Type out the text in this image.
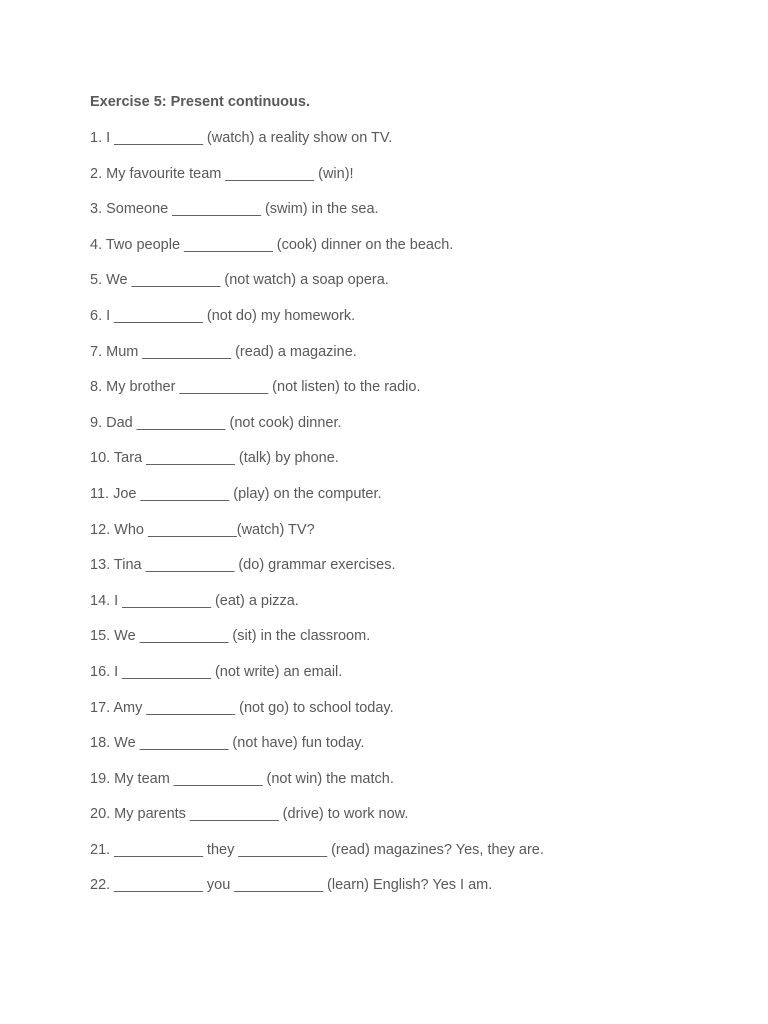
Exercise 5: Present continuous.
1. I ___________ (watch) a reality show on TV.
2. My favourite team ___________ (win)!
3. Someone ___________ (swim) in the sea.
4. Two people ___________ (cook) dinner on the beach.
5. We ___________ (not watch) a soap opera.
6. I ___________ (not do) my homework.
7. Mum ___________ (read) a magazine.
8. My brother ___________ (not listen) to the radio.
9. Dad ___________ (not cook) dinner.
10. Tara ___________ (talk) by phone.
11. Joe ___________ (play) on the computer.
12. Who ___________(watch) TV?
13. Tina ___________ (do) grammar exercises.
14. I ___________ (eat) a pizza.
15. We ___________ (sit) in the classroom.
16. I ___________ (not write) an email.
17. Amy ___________ (not go) to school today.
18. We ___________ (not have) fun today.
19. My team ___________ (not win) the match.
20. My parents ___________ (drive) to work now.
21. ___________ they ___________ (read) magazines? Yes, they are.
22. ___________ you ___________ (learn) English? Yes I am.
